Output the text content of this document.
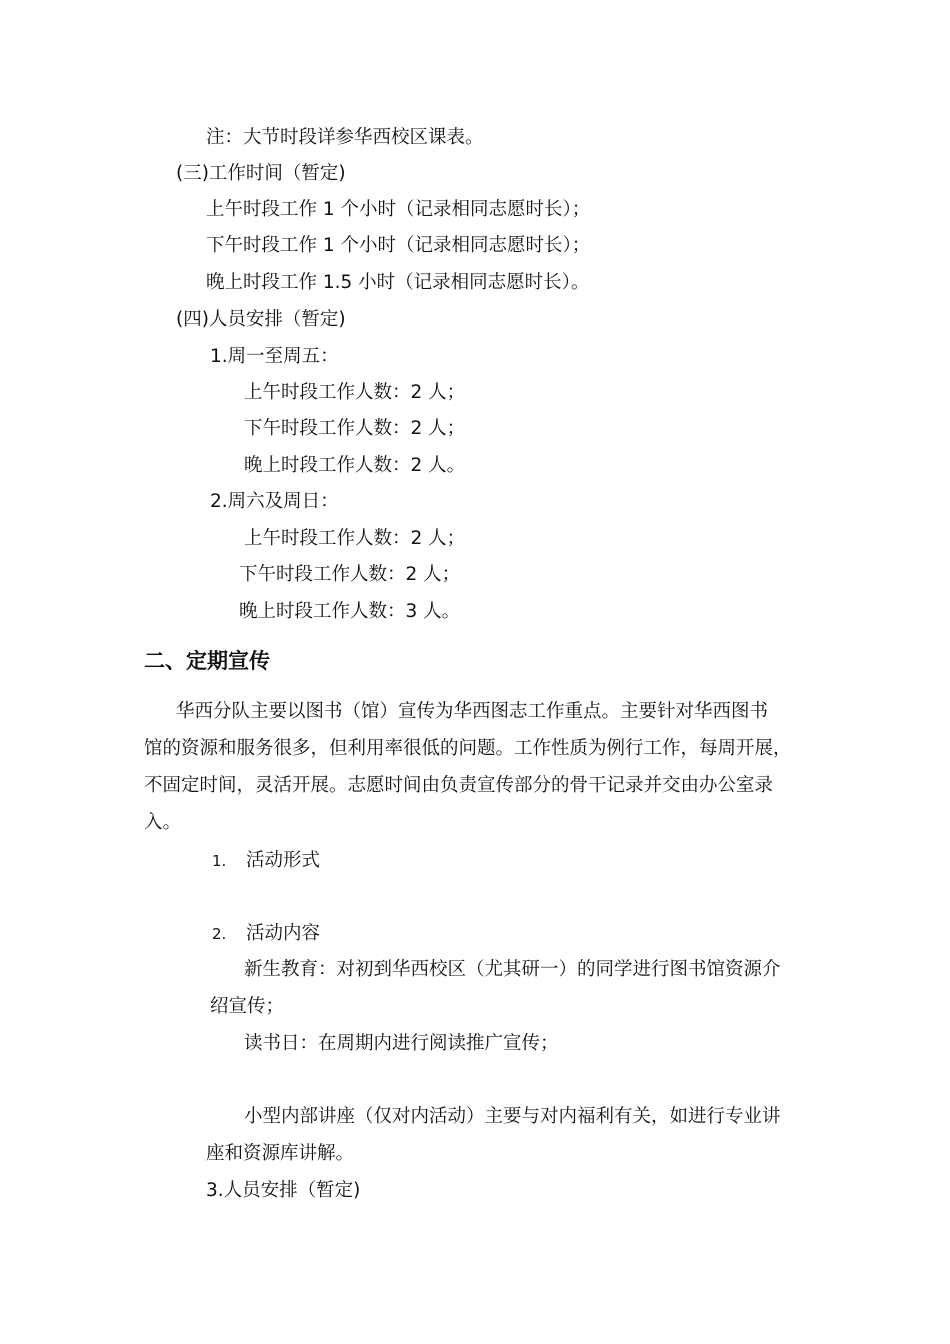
注：大节时段详参华西校区课表。
(三)工作时间（暂定)
上午时段工作 1 个小时（记录相同志愿时长）；
下午时段工作 1 个小时（记录相同志愿时长）；
晚上时段工作 1.5 小时（记录相同志愿时长）。
(四)人员安排（暂定)
1.周一至周五：
上午时段工作人数：2 人；
下午时段工作人数：2 人；
晚上时段工作人数：2 人。
2.周六及周日：
上午时段工作人数：2 人；
下午时段工作人数：2 人；
晚上时段工作人数：3 人。
二、定期宣传
华西分队主要以图书（馆）宣传为华西图志工作重点。主要针对华西图书
馆的资源和服务很多，但利用率很低的问题。工作性质为例行工作，每周开展，
不固定时间，灵活开展。志愿时间由负责宣传部分的骨干记录并交由办公室录
入。
1. 活动形式
2. 活动内容
新生教育：对初到华西校区（尤其研一）的同学进行图书馆资源介
绍宣传；
读书日：在周期内进行阅读推广宣传；
小型内部讲座（仅对内活动）主要与对内福利有关，如进行专业讲
座和资源库讲解。
3.人员安排（暂定)
